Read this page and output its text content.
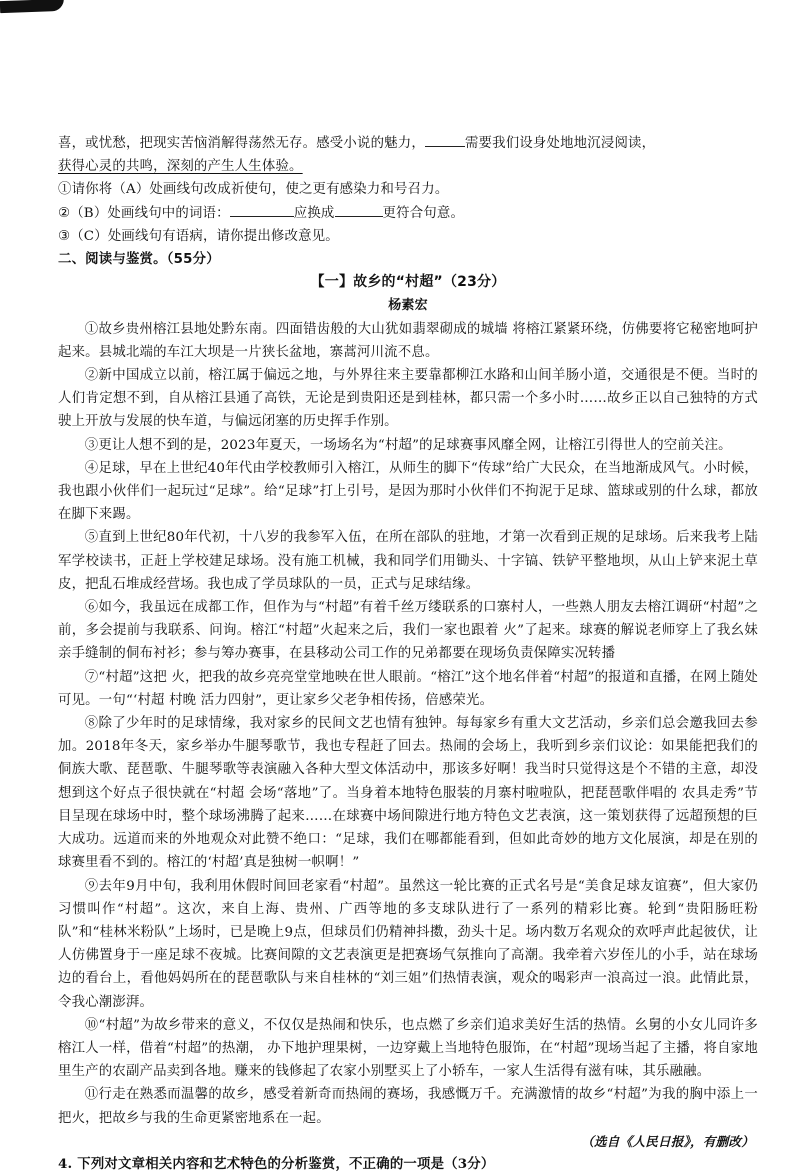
喜，或忧愁，把现实苦恼消解得荡然无存。感受小说的魅力，	需要我们设身处地地沉浸阅读，
获得心灵的共鸣，深刻的产生人生体验。
①请你将（A）处画线句改成祈使句，使之更有感染力和号召力。
②（B）处画线句中的词语：	应换成	更符合句意。
③（C）处画线句有语病，请你提出修改意见。
二、阅读与鉴赏。（55分）
【一】故乡的“村超”（23分）
杨素宏

①故乡贵州榕江县地处黔东南。四面错齿般的大山犹如翡翠砌成的城墙 将榕江紧紧环绕，仿佛要将它秘密地呵护起来。县城北端的车江大坝是一片狭长盆地，寨蒿河川流不息。

②新中国成立以前，榕江属于偏远之地，与外界往来主要靠都柳江水路和山间羊肠小道，交通很是不便。当时的人们肯定想不到，自从榕江县通了高铁，无论是到贵阳还是到桂林，都只需一个多小时……故乡正以自己独特的方式驶上开放与发展的快车道，与偏远闭塞的历史挥手作别。

③更让人想不到的是，2023年夏天，一场场名为“村超”的足球赛事风靡全网，让榕江引得世人的空前关注。

④足球，早在上世纪40年代由学校教师引入榕江，从师生的脚下“传球”给广大民众，在当地渐成风气。小时候，我也跟小伙伴们一起玩过“足球”。给“足球”打上引号，是因为那时小伙伴们不拘泥于足球、篮球或别的什么球，都放在脚下来踢。

⑤直到上世纪80年代初，十八岁的我参军入伍，在所在部队的驻地，才第一次看到正规的足球场。后来我考上陆军学校读书，正赶上学校建足球场。没有施工机械，我和同学们用锄头、十字镐、铁铲平整地坝，从山上铲来泥土草皮，把乱石堆成经营场。我也成了学员球队的一员，正式与足球结缘。

⑥如今，我虽远在成都工作，但作为与“村超”有着千丝万缕联系的口寨村人，一些熟人朋友去榕江调研“村超”之前，多会提前与我联系、问询。榕江“村超”火起来之后，我们一家也跟着 火”了起来。球赛的解说老师穿上了我幺妹亲手缝制的侗布衬衫；参与筹办赛事，在县移动公司工作的兄弟都要在现场负责保障实况转播

⑦“村超”这把 火，把我的故乡亮亮堂堂地映在世人眼前。“榕江”这个地名伴着“村超”的报道和直播，在网上随处可见。一句“‘村超 村晚 活力四射”，更让家乡父老争相传扬，倍感荣光。

⑧除了少年时的足球情缘，我对家乡的民间文艺也情有独钟。每每家乡有重大文艺活动，乡亲们总会邀我回去参加。2018年冬天，家乡举办牛腿琴歌节，我也专程赶了回去。热闹的会场上，我听到乡亲们议论：如果能把我们的侗族大歌、琵琶歌、牛腿琴歌等表演融入各种大型文体活动中，那该多好啊！我当时只觉得这是个不错的主意，却没想到这个好点子很快就在“村超 会场“落地”了。当身着本地特色服装的月寨村啦啦队，把琵琶歌伴唱的 农具走秀”节目呈现在球场中时，整个球场沸腾了起来……在球赛中场间隙进行地方特色文艺表演，这一策划获得了远超预想的巨大成功。远道而来的外地观众对此赞不绝口：“足球，我们在哪都能看到，但如此奇妙的地方文化展演，却是在别的球赛里看不到的。榕江的‘村超’真是独树一帜啊！”

⑨去年9月中旬，我利用休假时间回老家看“村超”。虽然这一轮比赛的正式名号是“美食足球友谊赛”，但大家仍习惯叫作“村超”。这次，来自上海、贵州、广西等地的多支球队进行了一系列的精彩比赛。轮到“贵阳肠旺粉队”和“桂林米粉队”上场时，已是晚上9点，但球员们仍精神抖擞，劲头十足。场内数万名观众的欢呼声此起彼伏，让人仿佛置身于一座足球不夜城。比赛间隙的文艺表演更是把赛场气氛推向了高潮。我牵着六岁侄儿的小手，站在球场边的看台上，看他妈妈所在的琵琶歌队与来自桂林的“刘三姐”们热情表演，观众的喝彩声一浪高过一浪。此情此景，令我心潮澎湃。

⑩“村超”为故乡带来的意义，不仅仅是热闹和快乐，也点燃了乡亲们追求美好生活的热情。幺舅的小女儿同许多榕江人一样，借着“村超”的热潮， 办下地护理果树，一边穿戴上当地特色服饰，在“村超”现场当起了主播，将自家地里生产的农副产品卖到各地。赚来的钱修起了农家小别墅买上了小轿车，一家人生活得有滋有味，其乐融融。

⑪行走在熟悉而温馨的故乡，感受着新奇而热闹的赛场，我感慨万千。充满激情的故乡“村超”为我的胸中添上一把火，把故乡与我的生命更紧密地系在一起。

（选自《人民日报》，有删改）
4. 下列对文章相关内容和艺术特色的分析鉴赏，不正确的一项是（3分）
